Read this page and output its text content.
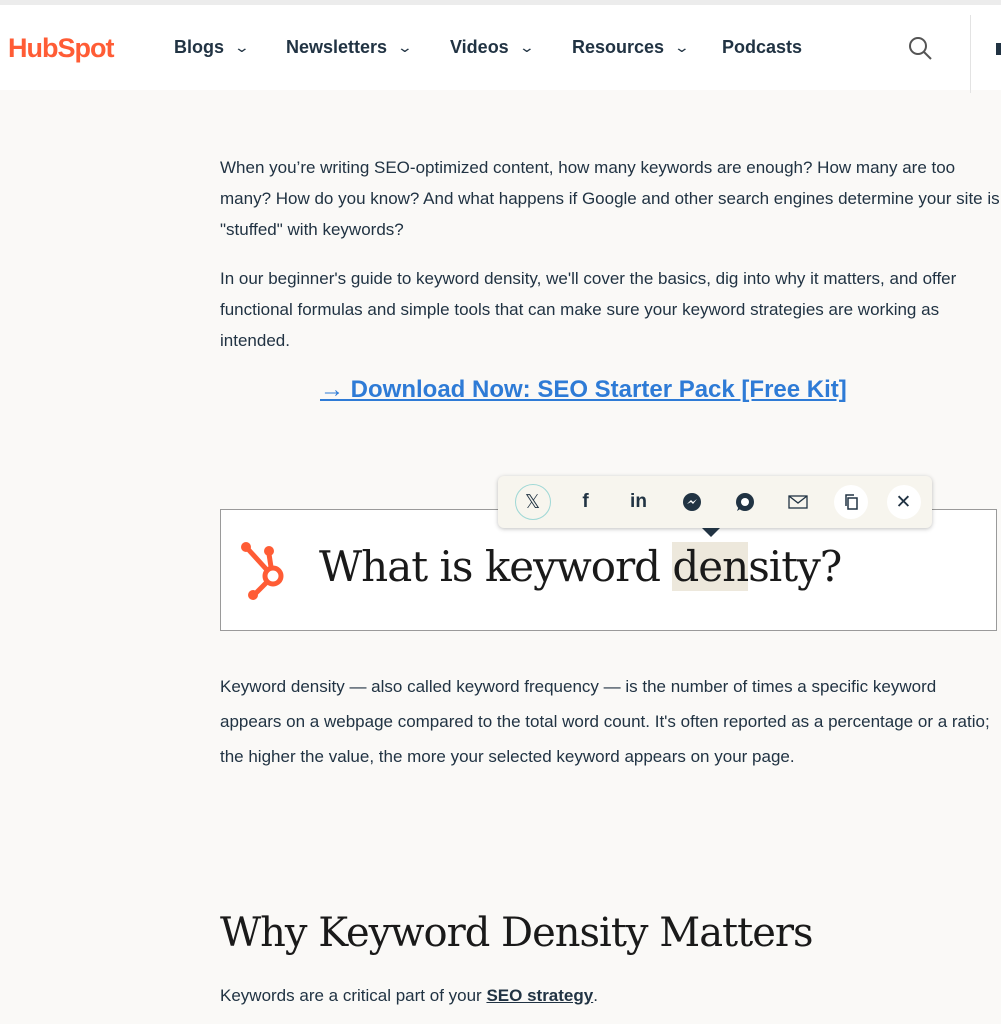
HubSpot	Blogs ⌄ Newsletters ⌄ Videos ⌄ Resources ⌄ Podcasts

When you’re writing SEO-optimized content, how many keywords are enough? How many are too many? How do you know? And what happens if Google and other search engines determine your site is "stuffed" with keywords?

In our beginner's guide to keyword density, we'll cover the basics, dig into why it matters, and offer functional formulas and simple tools that can make sure your keyword strategies are working as intended.

→ Download Now: SEO Starter Pack [Free Kit]
What is keyword density?
𝕏	f in	✕

Keyword density — also called keyword frequency — is the number of times a specific keyword appears on a webpage compared to the total word count. It's often reported as a percentage or a ratio; the higher the value, the more your selected keyword appears on your page.

Why Keyword Density Matters

Keywords are a critical part of your SEO strategy.
